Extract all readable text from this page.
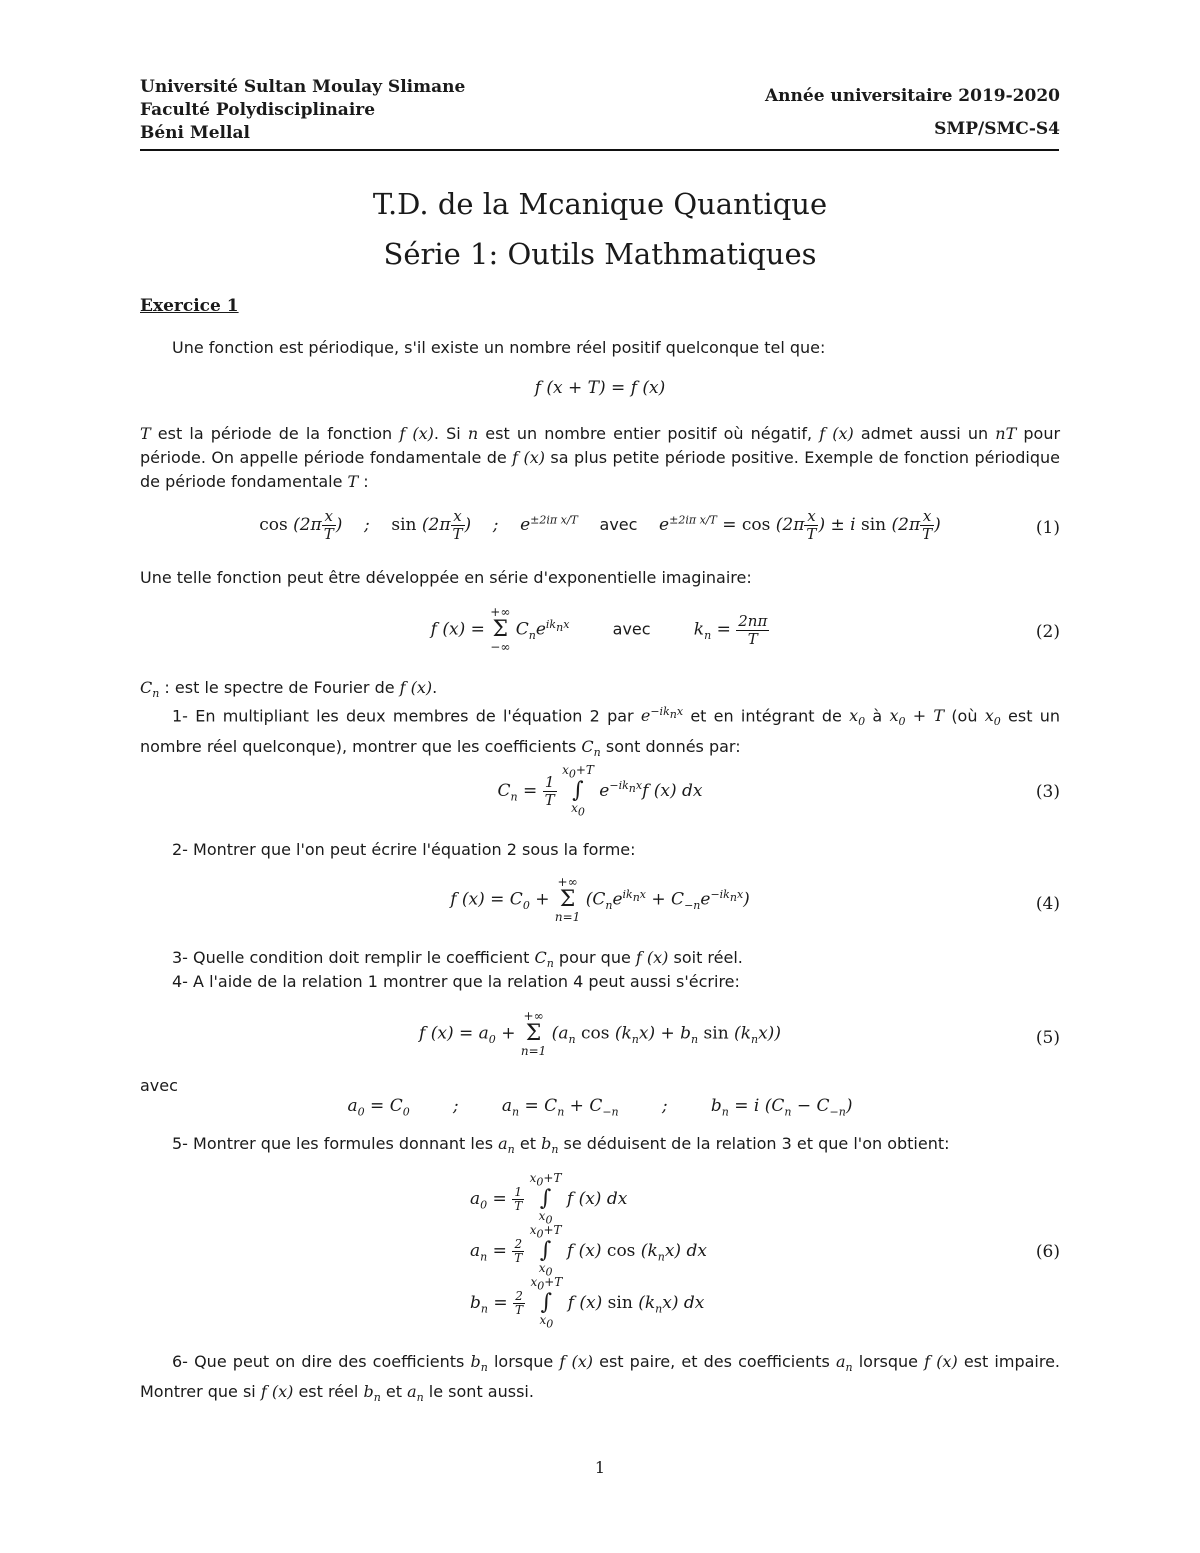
Université Sultan Moulay Slimane
Faculté Polydisciplinaire
Béni Mellal
Année universitaire 2019-2020
SMP/SMC-S4
T.D. de la Mcanique Quantique
Série 1: Outils Mathmatiques
Exercice 1
Une fonction est périodique, s'il existe un nombre réel positif quelconque tel que:
f (x + T) = f (x)
T est la période de la fonction f (x). Si n est un nombre entier positif où négatif, f (x) admet aussi un nT pour période. On appelle période fondamentale de f (x) sa plus petite période positive. Exemple de fonction périodique de période fondamentale T :
$\cos (2\pi \frac{x}{T}$ )    ;    $\sin (2\pi \frac{x}{T}$ )    ;    $e^{\pm 2i\pi x/T}$ avec    $e^{\pm 2i\pi x/T} = \cos (2\pi \frac{x}{T}$ ) ± i $\sin (2\pi \frac{x}{T}$ )	(1)
Une telle fonction peut être développée en série d'exponentielle imaginaire:
f (x) = +∞
Σ
−∞ $C_ne^{ik_nx}$	avec        $k_n = \frac{2n\pi}{T}$	(2)
$C_n$ : est le spectre de Fourier de f (x).
1- En multipliant les deux membres de l'équation 2 par $e^{-ik_nx}$ et en intégrant de $x_0$ à $x_0 + T$ (où $x_0$ est un nombre réel quelconque), montrer que les coefficients $C_n$ sont donnés par:
$C_n = \frac{1}{T}$
$x_0+T$
∫
$x_0$ $e^{-ik_nx}f$ (x) dx	(3)
2- Montrer que l'on peut écrire l'équation 2 sous la forme:
f $(x) = C_0$ + +∞
Σ
n=1 $(C_ne^{ik_nx} + C_{-n}e^{-ik_nx})$	(4)
3- Quelle condition doit remplir le coefficient $C_n$ pour que f (x) soit réel.
4- A l'aide de la relation 1 montrer que la relation 4 peut aussi s'écrire:
f $(x) = a_0$ + +∞
Σ
n=1 ($a_n$ $\cos (k_nx) + b_n$ $\sin (k_nx)$)	(5)
avec
$a_0 = C_0$        ;        $a_n = C_n + C_{-n}$        ;        $b_n = i$ $(C_n - C_{-n})$
5- Montrer que les formules donnant les $a_n$ et $b_n$ se déduisent de la relation 3 et que l'on obtient:
$a_0 = \frac{1}{T}$
$x_0+T$
∫
$x_0$ f (x) dx
$a_n = \frac{2}{T}$
$x_0+T$
∫
$x_0$ f (x) $\cos (k_nx)$ dx
$b_n = \frac{2}{T}$
$x_0+T$
∫
$x_0$ f (x) $\sin (k_nx)$ dx
(6)
6- Que peut on dire des coefficients $b_n$ lorsque f (x) est paire, et des coefficients $a_n$ lorsque f (x) est impaire. Montrer que si f (x) est réel $b_n$ et $a_n$ le sont aussi.
1
